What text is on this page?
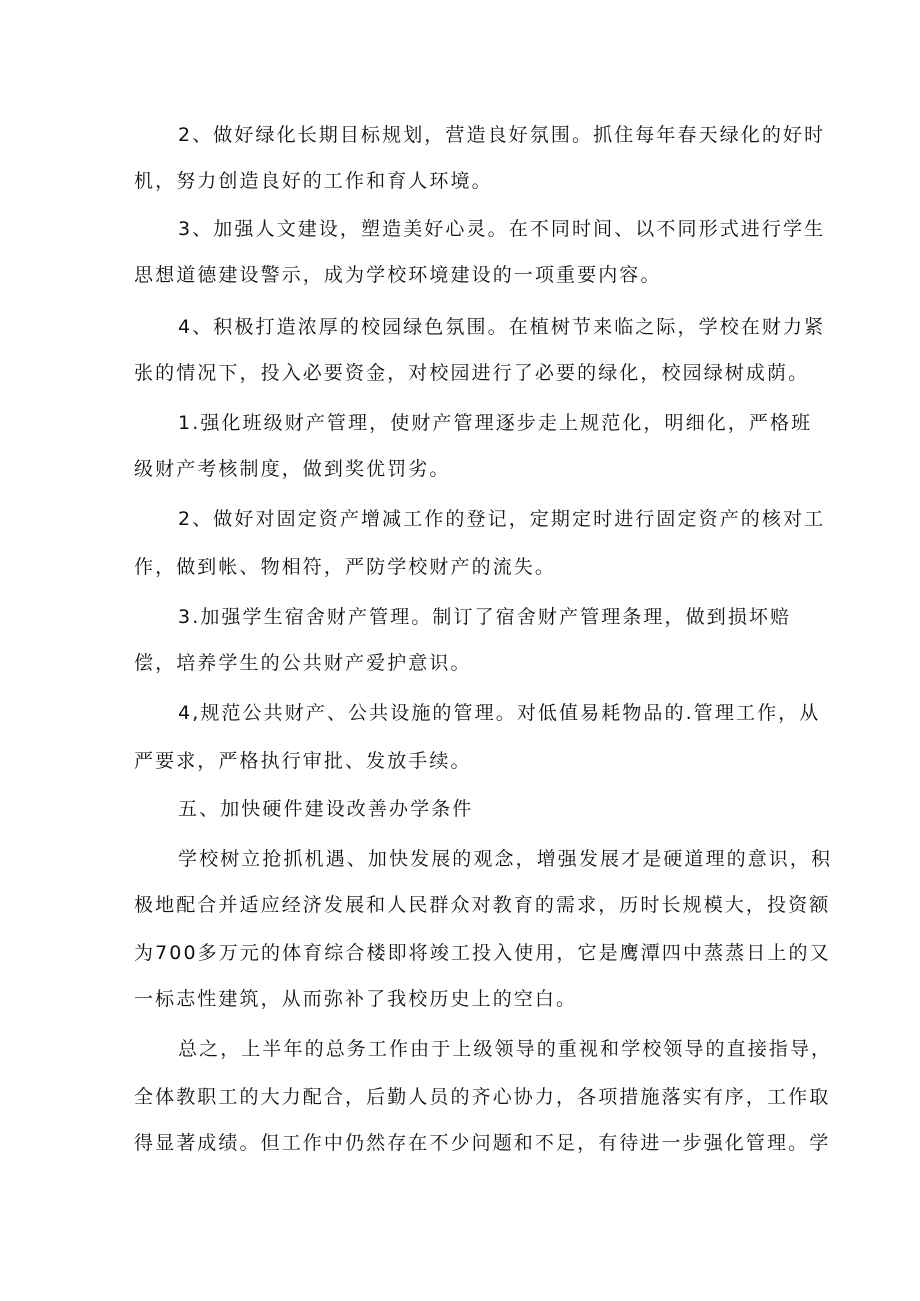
2、做好绿化长期目标规划，营造良好氛围。抓住每年春天绿化的好时
机，努力创造良好的工作和育人环境。
3、加强人文建设，塑造美好心灵。在不同时间、以不同形式进行学生
思想道德建设警示，成为学校环境建设的一项重要内容。
4、积极打造浓厚的校园绿色氛围。在植树节来临之际，学校在财力紧
张的情况下，投入必要资金，对校园进行了必要的绿化，校园绿树成荫。
1.强化班级财产管理，使财产管理逐步走上规范化，明细化，严格班
级财产考核制度，做到奖优罚劣。
2、做好对固定资产增减工作的登记，定期定时进行固定资产的核对工
作，做到帐、物相符，严防学校财产的流失。
3.加强学生宿舍财产管理。制订了宿舍财产管理条理，做到损坏赔
偿，培养学生的公共财产爱护意识。
4,规范公共财产、公共设施的管理。对低值易耗物品的.管理工作，从
严要求，严格执行审批、发放手续。
五、加快硬件建设改善办学条件
学校树立抢抓机遇、加快发展的观念，增强发展才是硬道理的意识，积
极地配合并适应经济发展和人民群众对教育的需求，历时长规模大，投资额
为700多万元的体育综合楼即将竣工投入使用，它是鹰潭四中蒸蒸日上的又
一标志性建筑，从而弥补了我校历史上的空白。
总之，上半年的总务工作由于上级领导的重视和学校领导的直接指导，
全体教职工的大力配合，后勤人员的齐心协力，各项措施落实有序，工作取
得显著成绩。但工作中仍然存在不少问题和不足，有待进一步强化管理。学
